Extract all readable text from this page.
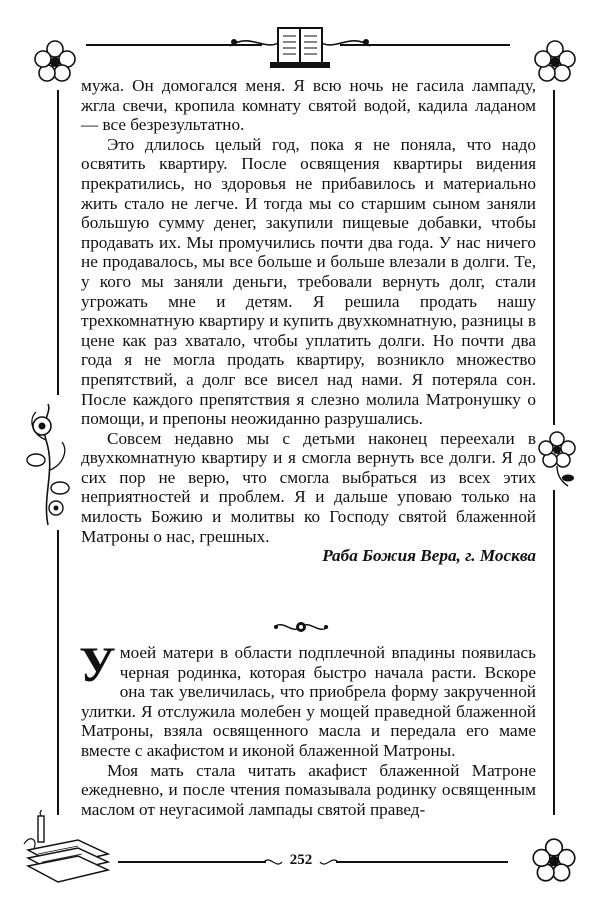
мужа. Он домогался меня. Я всю ночь не гасила лампаду, жгла свечи, кропила комнату святой водой, кадила ладаном — все безрезультатно.

Это длилось целый год, пока я не поняла, что надо освятить квартиру. После освящения квартиры видения прекратились, но здоровья не прибавилось и материально жить стало не легче. И тогда мы со старшим сыном заняли большую сумму денег, закупили пищевые добавки, чтобы продавать их. Мы промучились почти два года. У нас ничего не продавалось, мы все больше и больше влезали в долги. Те, у кого мы заняли деньги, требовали вернуть долг, стали угрожать мне и детям. Я решила продать нашу трехкомнатную квартиру и купить двухкомнатную, разницы в цене как раз хватало, чтобы уплатить долги. Но почти два года я не могла продать квартиру, возникло множество препятствий, а долг все висел над нами. Я потеряла сон. После каждого препятствия я слезно молила Матронушку о помощи, и препоны неожиданно разрушались.

Совсем недавно мы с детьми наконец переехали в двухкомнатную квартиру и я смогла вернуть все долги. Я до сих пор не верю, что смогла выбраться из всех этих неприятностей и проблем. Я и дальше уповаю только на милость Божию и молитвы ко Господу святой блаженной Матроны о нас, грешных.

Раба Божия Вера, г. Москва

У моей матери в области подплечной впадины появилась черная родинка, которая быстро начала расти. Вскоре она так увеличилась, что приобрела форму закрученной улитки. Я отслужила молебен у мощей праведной блаженной Матроны, взяла освященного масла и передала его маме вместе с акафистом и иконой блаженной Матроны.

Моя мать стала читать акафист блаженной Матроне ежедневно, и после чтения помазывала родинку освященным маслом от неугасимой лампады святой правед-

252
